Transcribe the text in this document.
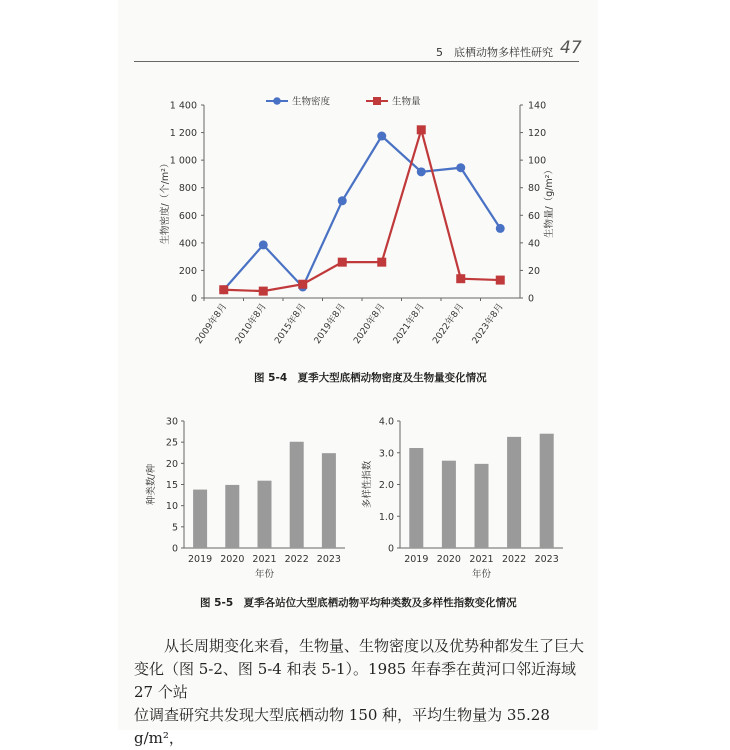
5　底栖动物多样性研究 47
0
200
400
600
800
1 000
1 200
1 400
0
20
40
60
80
100
120
140
2009年8月 2010年8月 2015年8月 2019年8月 2020年8月 2021年8月 2022年8月 2023年8月
生物密度/（个/m²）	生物量/（g/m²）
生物密度	生物量
0
5
10
15
20
25
30
2019 2020 2021 2022 2023
种类数/种
年份
0
1.0
2.0
3.0
4.0
2019 2020 2021 2022 2023
多样性指数
年份
图 5-4　夏季大型底栖动物密度及生物量变化情况
图 5-5　夏季各站位大型底栖动物平均种类数及多样性指数变化情况

从长周期变化来看，生物量、生物密度以及优势种都发生了巨大

变化（图 5-2、图 5-4 和表 5-1）。1985 年春季在黄河口邻近海域 27 个站

位调查研究共发现大型底栖动物 150 种，平均生物量为 35.28 g/m²，
